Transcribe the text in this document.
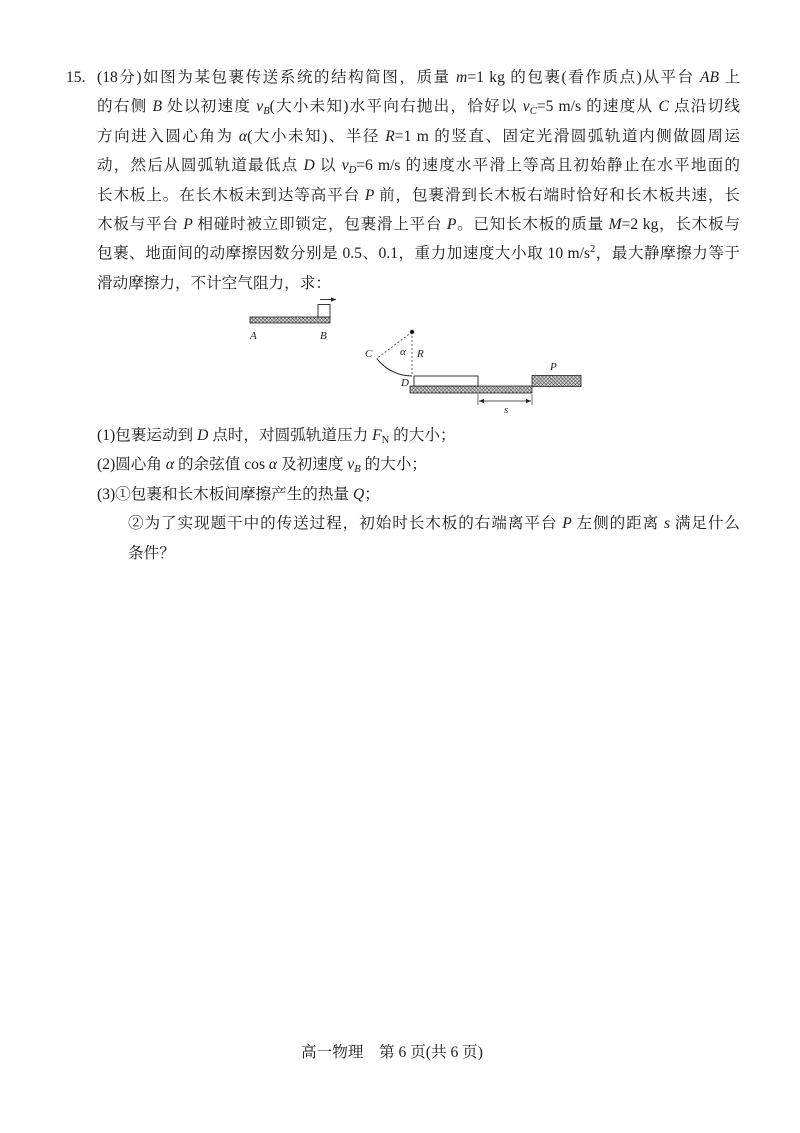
15. (18分)如图为某包裹传送系统的结构简图，质量 m=1 kg 的包裹(看作质点)从平台 AB 上
的右侧 B 处以初速度 $v_B$(大小未知)水平向右抛出，恰好以 $v_C=5$ m/s 的速度从 C 点沿切线
方向进入圆心角为 α(大小未知)、半径 R=1 m 的竖直、固定光滑圆弧轨道内侧做圆周运
动，然后从圆弧轨道最低点 D 以 $v_D=6$ m/s 的速度水平滑上等高且初始静止在水平地面的
长木板上。在长木板未到达等高平台 P 前，包裹滑到长木板右端时恰好和长木板共速，长
木板与平台 P 相碰时被立即锁定，包裹滑上平台 P。已知长木板的质量 M=2 kg，长木板与
包裹、地面间的动摩擦因数分别是 0.5、0.1，重力加速度大小取 10 $m/s^2$，最大静摩擦力等于
滑动摩擦力，不计空气阻力，求：
A	B
C	α R
D
P
s
(1)包裹运动到 D 点时，对圆弧轨道压力 $F_N$ 的大小；
(2)圆心角 α 的余弦值 cos α 及初速度 $v_B$ 的大小；
(3)①包裹和长木板间摩擦产生的热量 Q；
②为了实现题干中的传送过程，初始时长木板的右端离平台 P 左侧的距离 s 满足什么
条件？
高一物理　第 6 页(共 6 页)
